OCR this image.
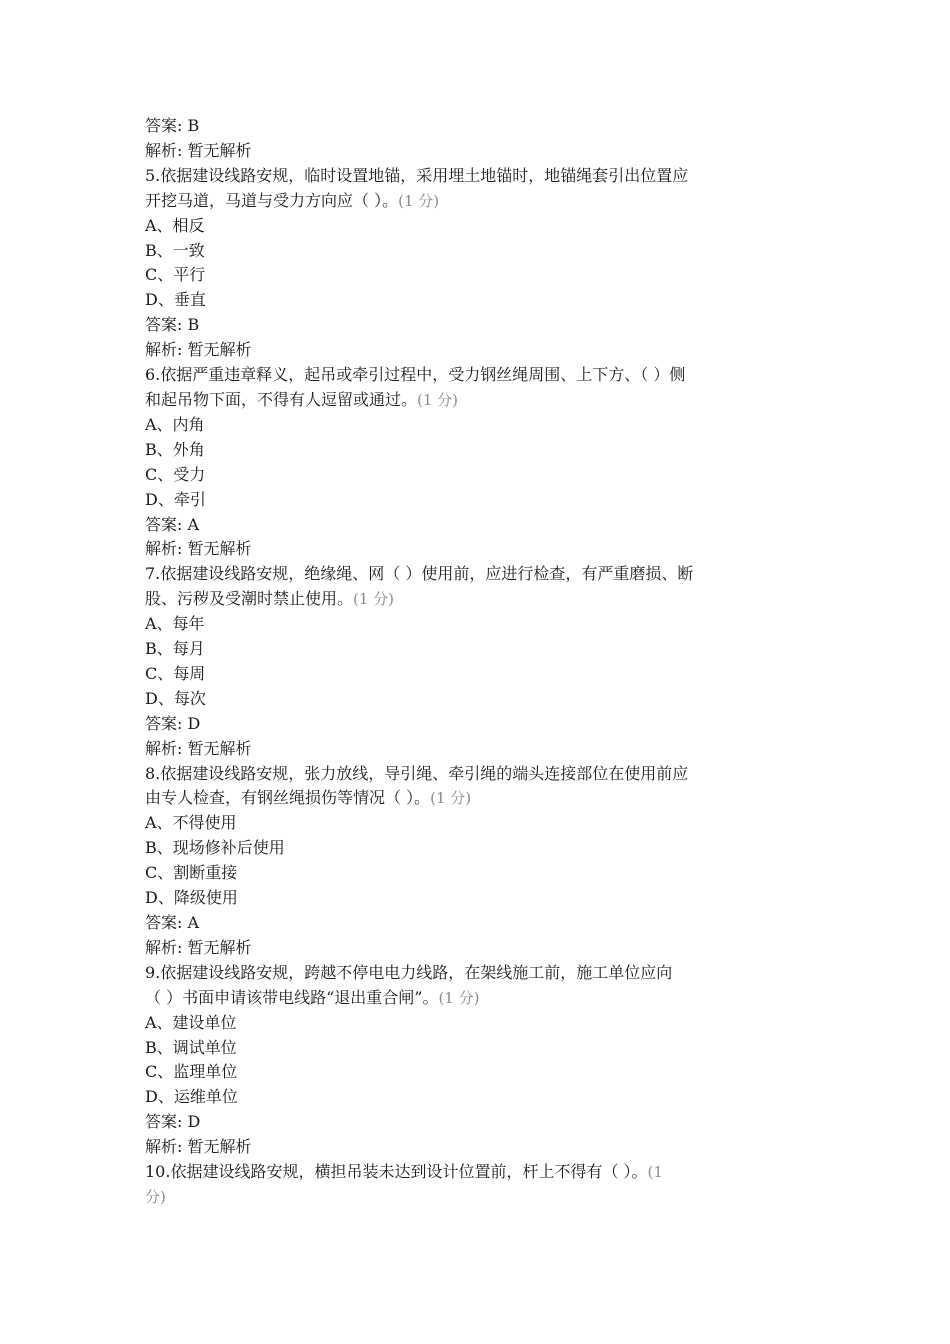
答案: B
解析: 暂无解析
5.依据建设线路安规，临时设置地锚，采用埋土地锚时，地锚绳套引出位置应
开挖马道，马道与受力方向应（ ）。(1 分)
A、相反
B、一致
C、平行
D、垂直
答案: B
解析: 暂无解析
6.依据严重违章释义，起吊或牵引过程中，受力钢丝绳周围、上下方、（ ）侧
和起吊物下面，不得有人逗留或通过。(1 分)
A、内角
B、外角
C、受力
D、牵引
答案: A
解析: 暂无解析
7.依据建设线路安规，绝缘绳、网（ ）使用前，应进行检查，有严重磨损、断
股、污秽及受潮时禁止使用。(1 分)
A、每年
B、每月
C、每周
D、每次
答案: D
解析: 暂无解析
8.依据建设线路安规，张力放线，导引绳、牵引绳的端头连接部位在使用前应
由专人检查，有钢丝绳损伤等情况（ ）。(1 分)
A、不得使用
B、现场修补后使用
C、割断重接
D、降级使用
答案: A
解析: 暂无解析
9.依据建设线路安规，跨越不停电电力线路，在架线施工前，施工单位应向
（ ）书面申请该带电线路“退出重合闸”。(1 分)
A、建设单位
B、调试单位
C、监理单位
D、运维单位
答案: D
解析: 暂无解析
10.依据建设线路安规，横担吊装未达到设计位置前，杆上不得有（ ）。(1
分)
